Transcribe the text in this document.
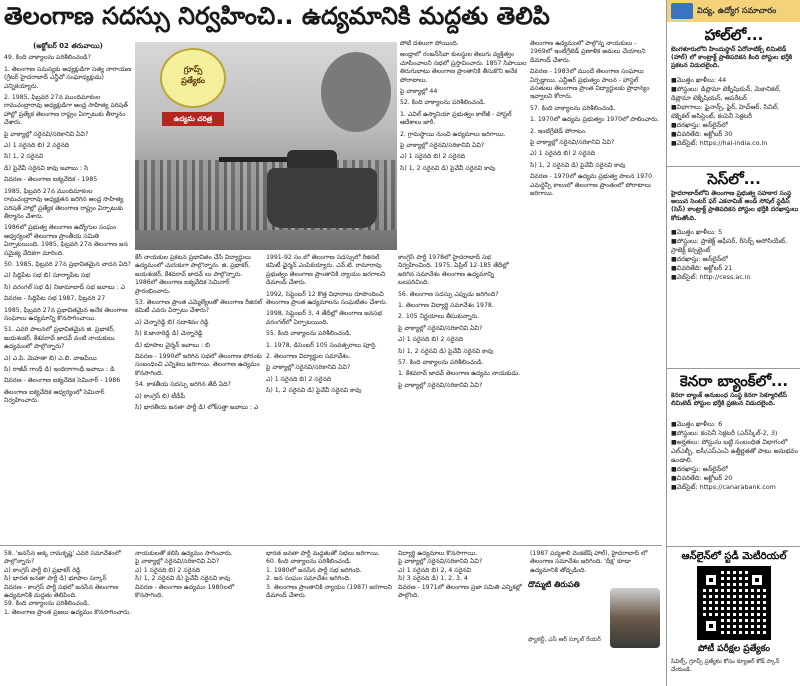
తెలంగాణ సదస్సు నిర్వహించి.. ఉద్యమానికి మద్దతు తెలిపి

(అక్టోబర్ 02 తరువాయి)

49. కింది వాక్యాలను పరిశీలించండి?

1. తెలంగాణ సమస్యకు అధ్యక్షుడిగా సత్య నారాయణ (గ్రేటర్ హైదరాబాద్ ఎన్జీవో సంఘాధ్యక్షుడు) ఎన్నికయ్యారు.

2. 1985, ఫిబ్రవరి 27న ముందిమాకంల రామచంద్రారావు అధ్యక్షుడిగా ఆంధ్ర సాహిత్య పరిషత్ హాల్లో ప్రత్యేక తెలంగాణ రాష్ట్రం ఏర్పాటుకు తీర్మానం చేశారు.

పై వాక్యాల్లో సరైనవి/సరికానివి ఏవి?

ఎ) 1 సరైనది బి) 2 సరైనది

సి) 1, 2 సరైనవి

డి) పైవేవీ సరైనవి కావు జవాబు : సి

వివరణ - తెలంగాణ ఐక్యవేదిక - 1985

1985, ఫిబ్రవరి 27న ముందిమాకంల రామచంద్రారావు అధ్యక్షతన జరిగిన ఆంధ్ర సాహిత్య పరిషత్ హాల్లో ప్రత్యేక తెలంగాణ రాష్ట్రం ఏర్పాటుకు తీర్మానం చేశారు.

1986లో ప్రభుత్వ తెలంగాణ ఉద్యోగుల సంఘం ఆధ్వర్యంలో తెలంగాణ ప్రాంతీయ సమితి ఏర్పాటయింది. 1985, ఫిబ్రవరి 27న తెలంగాణ జన సమైక్య వేదికగా మారింది.

50. 1985, ఫిబ్రవరి 27న ప్రభావితమైన వాదన ఏది?

ఎ) సిద్దిపేట సభ బి) సూర్యాపేట సభ

సి) వరంగల్ సభ డి) నిజామాబాద్ సభ జవాబు : ఎ

వివరణ - సిద్దిపేట సభ 1987, ఫిబ్రవరి 27

1985, ఫిబ్రవరి 27న ప్రభావితమైన అనేక తెలంగాణ సంఘాలు ఉద్యమాన్ని కొనసాగించాయి.

51. ఎవరి పాలనలో ప్రభావితమైన జి. ప్రభాకర్, జయశంకర్, కేశవరావ్ జాదవ్ వంటి నాయకులు ఉద్యమంలో పాల్గొన్నారు?

ఎ) ఎ.పి. మెహతా బి) ఎ.బి. వాజపేయి

సి) రాజీవ్ గాంధీ డి) ఇందిరాగాంధీ జవాబు : డి

వివరణ - తెలంగాణ ఐక్యవేదిక సెమినార్ - 1986

తెలంగాణ ఐక్యవేదిక ఆధ్వర్యంలో సెమినార్ నిర్వహించారు.

గ్రూప్స్
ప్రత్యేకం
ఉద్యమ చరిత్ర

పోటీ దశలుగా పోయింది.

అంధ్రాలో రంజన్‌సేవా కులస్థుల తెలుగు వ్యక్తిత్వం చూపించాలని సభలో ప్రస్తావించారు. 1857 సిపాయిల తిరుగుబాటు తెలంగాణ ప్రాంతానికి తీసుకొని అనేక పోరాటాలు.

పై వాక్యాల్లో 44

52. కింది వాక్యాలను పరిశీలించండి.

1. ఎవిల్ ఉస్మానియా ప్రభుత్వం కాలేజీ - హాస్టల్ ఆదేశాలు జారీ.

2. గ్రామస్థాయి నుంచి ఉద్యమాలు జరిగాయి.

పై వాక్యాల్లో సరైనవి/సరికానివి ఏవి?

ఎ) 1 సరైనది బి) 2 సరైనది

సి) 1, 2 సరైనవి డి) పైవేవీ సరైనవి కావు

కేర్ నాయకుల ప్రకటన ప్రభావితం చేసి విద్యార్థులు ఉద్యమంలో చురుకుగా పాల్గొన్నారు. జి. ప్రభాకర్, జయశంకర్, కేశవరావ్ జాదవ్ లు పాల్గొన్నారు. 1986లో తెలంగాణ ఐక్యవేదిక సెమినార్ ప్రారంభించారు.

53. తెలంగాణ ప్రాంత ఎమ్మెల్యేలతో తెలంగాణ రీజినల్ కమిటీ ఎవరు ఏర్పాటు చేశారు?

ఎ) చెన్నారెడ్డి బి) సదాశివం రెడ్డి

సి) కె.జానారెడ్డి డి) చెన్నారెడ్డి

డి) భూపాల చైర్మన్ జవాబు : బి

వివరణ - 1990లో జరిగిన సభలో తెలంగాణ ఫోరంకు సంబంధించి ఎన్నికలు జరిగాయి. తెలంగాణ ఉద్యమం కొనసాగింది.

54. కాకతీయ సదస్సు జరిగిన తేదీ ఏది?

ఎ) కాంగ్రెస్ బి) టీడీపీ

సి) భారతీయ జనతా పార్టీ డి) లోక్‌సత్తా జవాబు : ఎ

1991-92 సం.లో తెలంగాణ సదస్సులో రీజినల్ కమిటీ ఛైర్మన్ ఎంపికయ్యారు. ఎన్.టి. రామారావు ప్రభుత్వం తెలంగాణ ప్రాంతానికి న్యాయం జరగాలని డిమాండ్ చేశారు.

1992, సెప్టెంబర్ 12 కొత్త విధానాలు రూపొందించి తెలంగాణ ప్రాంత ఉద్యమాలను సంఘటితం చేశారు.

1998, సెప్టెంబర్ 3, 4 తేదీల్లో తెలంగాణ జనసభ వరంగల్‌లో ఏర్పాటయింది.

55. కింది వాక్యాలను పరిశీలించండి.

1. 1978, డిసెంబర్ 105 సంవత్సరాలు పూర్తి.

2. తెలంగాణ విద్యార్థుల సమావేశం.

పై వాక్యాల్లో సరైనవి/సరికానివి ఏవి?

ఎ) 1 సరైనది బి) 2 సరైనది

సి) 1, 2 సరైనవి డి) పైవేవీ సరైనవి కావు

కాంగ్రెస్ పార్టీ 1978లో హైదరాబాద్ సభ నిర్వహించింది. 1975, ఏప్రిల్ 12-185 తేదీల్లో జరిగిన సమావేశం తెలంగాణ ఉద్యమాన్ని బలపరిచింది.

56. తెలంగాణ సదస్సు ఎప్పుడు జరిగింది?

1. తెలంగాణ విద్యార్థి సమావేశం 1978.

2. 105 నిర్ణయాలు తీసుకున్నారు.

పై వాక్యాల్లో సరైనవి/సరికానివి ఏవి?

ఎ) 1 సరైనది బి) 2 సరైనది

సి) 1, 2 సరైనవి డి) పైవేవీ సరైనవి కావు

57. కింది వాక్యాలను పరిశీలించండి.

1. కేశవరావ్ జాదవ్ తెలంగాణ ఉద్యమ నాయకుడు.

పై వాక్యాల్లో సరైనవి/సరికానివి ఏవి?

తెలంగాణ ఉద్యమంలో పాల్గొన్న నాయకులు - 1969లో ఇంటిగ్రేటెడ్ ప్రణాళిక అమలు చేయాలని డిమాండ్ చేశారు.

వివరణ - 1983లో ముందే తెలంగాణ సంఘాలు ఏర్పడ్డాయి. ఎన్టీఆర్ ప్రభుత్వం పాలన - హాస్టల్ వసతులు తెలంగాణ ప్రాంత విద్యార్థులకు ప్రాధాన్యం ఇవ్వాలని కోరారు.

57. కింది వాక్యాలను పరిశీలించండి.

1. 1970లో ఉద్యమ ప్రభుత్వం 1970లో పాలించారు.

2. ఇంటిగ్రేటెడ్ పోరాటం.

పై వాక్యాల్లో సరైనవి/సరికానివి ఏవి?

ఎ) 1 సరైనది బి) 2 సరైనది

సి) 1, 2 సరైనవి డి) పైవేవీ సరైనవి కావు

వివరణ - 1970లో ఉద్యమ ప్రభుత్వ పాలన 1970 ఎమర్జెన్సీ కాలంలో తెలంగాణ ప్రాంతంలో పోరాటాలు జరిగాయి.

58. 'జనసేన అక్క రామకృష్ణ' ఎవరి సమావేశంలో పాల్గొన్నారు?

ఎ) కాంగ్రెస్ పార్టీ బి) ప్రభాకర్ రెడ్డి

సి) భారత జనతా పార్టీ డి) భూపాల సర్కార్

వివరణ - కాంగ్రెస్ పార్టీ సభలో జనసేన తెలంగాణ ఉద్యమానికి మద్దతు తెలిపింది.

59. కింది వాక్యాలను పరిశీలించండి.

1. తెలంగాణ ప్రాంత ప్రజలు ఉద్యమం కొనసాగించారు.

నాయకులతో కలిసి ఉద్యమం సాగించారు.

పై వాక్యాల్లో సరైనవి/సరికానివి ఏవి?

ఎ) 1 సరైనది బి) 2 సరైనది

సి) 1, 2 సరైనవి డి) పైవేవీ సరైనవి కావు

వివరణ - తెలంగాణ ఉద్యమం 1980లలో కొనసాగింది.

భారత జనతా పార్టీ మద్దతుతో సభలు జరిగాయి.

60. కింది వాక్యాలను పరిశీలించండి.

1. 1980లో జనసేన పార్టీ సభ జరిగింది.

2. జన సంఘం సమావేశం జరిగింది.

3. తెలంగాణ ప్రాంతానికి న్యాయం (1987) జరగాలని డిమాండ్ చేశారు.

విద్యార్థి ఉద్యమాలు కొనసాగాయి.

పై వాక్యాల్లో సరైనవి/సరికానివి ఏవి?

ఎ) 1 సరైనది బి) 2, 4 సరైనవి

సి) 3 సరైనది డి) 1, 2, 3, 4

వివరణ - 1971లో తెలంగాణ ప్రజా సమితి ఎన్నికల్లో పాల్గొంది.

(1987 పద్మశాలి వెంకటేష్ హాల్), హైదరాబాద్ లో తెలంగాణ సమావేశం జరిగింది. 'దీక్ష' కూడా ఉద్యమానికి తోడ్పడింది.

దొమ్మటి తిరుపతి
ఫ్యాకల్టీ, ఎస్ ఆర్ స్కూల్ రేయర్
విద్య, ఉద్యోగ సమాచారం
హాల్‌లో...
బెంగళూరులోని హిందుస్థాన్ ఏరోనాటిక్స్ లిమిటెడ్ (హాల్) లో కాంట్రాక్ట్ ప్రాతిపదికన కింది పోస్టుల భర్తీకి ప్రకటన విడుదలైంది.
■ మొత్తం ఖాళీలు: 44
■ పోస్టులు: డిప్లొమా టెక్నీషియన్, మెకానికల్, డిప్లొమా టెక్నీషియన్, ఆపరేటర్
■ విభాగాలు: ఫైనాన్స్, ఫైర్, హెచ్ఆర్, సివిల్, టెక్నికల్ అసిస్టెంట్, కంపెనీ సెక్రటరీ
■ దరఖాస్తు: ఆన్‌లైన్‌లో
■ చివరితేది: అక్టోబర్ 30
■ వెబ్‌సైట్: https://hal-india.co.in
సెస్‌లో...
హైదరాబాద్‌లోని తెలంగాణ ప్రభుత్వ సహకార సంస్థ అయిన సెంటర్ ఫర్ ఎకనామిక్ అండ్ సోషల్ స్టడీస్ (సెస్) కాంట్రాక్ట్ ప్రాతిపదికన పోస్టుల భర్తీకి దరఖాస్తులు కోరుతోంది.
■ మొత్తం ఖాళీలు: 5
■ పోస్టులు: ప్రాజెక్ట్ ఆఫీసర్, రీసెర్చ్ అసోసియేట్, ప్రాజెక్ట్ కన్సల్టెంట్
■ దరఖాస్తు: ఆన్‌లైన్‌లో
■ చివరితేది: అక్టోబర్ 21
■ వెబ్‌సైట్: http://cess.ac.in
కెనరా బ్యాంక్‌లో...
కెనరా బ్యాంక్ అనుబంధ సంస్థ కెనరా సెక్యూరిటీస్ లిమిటెడ్ పోస్టుల భర్తీకి ప్రకటన విడుదలైంది.
■ మొత్తం ఖాళీలు: 6
■ పోస్టులు: కంపెనీ సెక్రటరీ (ఎన్‌స్కేల్-2, 3)
■ అర్హతలు: పోస్టును బట్టి సంబంధిత విభాగంలో ఎల్ఎల్బీ, ఐసీ/ఎస్ఎంఏ ఉత్తీర్ణతతో పాటు అనుభవం ఉండాలి.
■ దరఖాస్తు: ఆన్‌లైన్‌లో
■ చివరితేది: అక్టోబర్ 20
■ వెబ్‌సైట్: https://canarabank.com
ఆన్‌లైన్‌లో స్టడీ మెటీరియల్
పోటీ పరీక్షల ప్రత్యేకం
సివిల్స్, గ్రూప్స్ ప్రత్యేకం కోసం క్యూఆర్ కోడ్ స్కాన్ చేయండి.
